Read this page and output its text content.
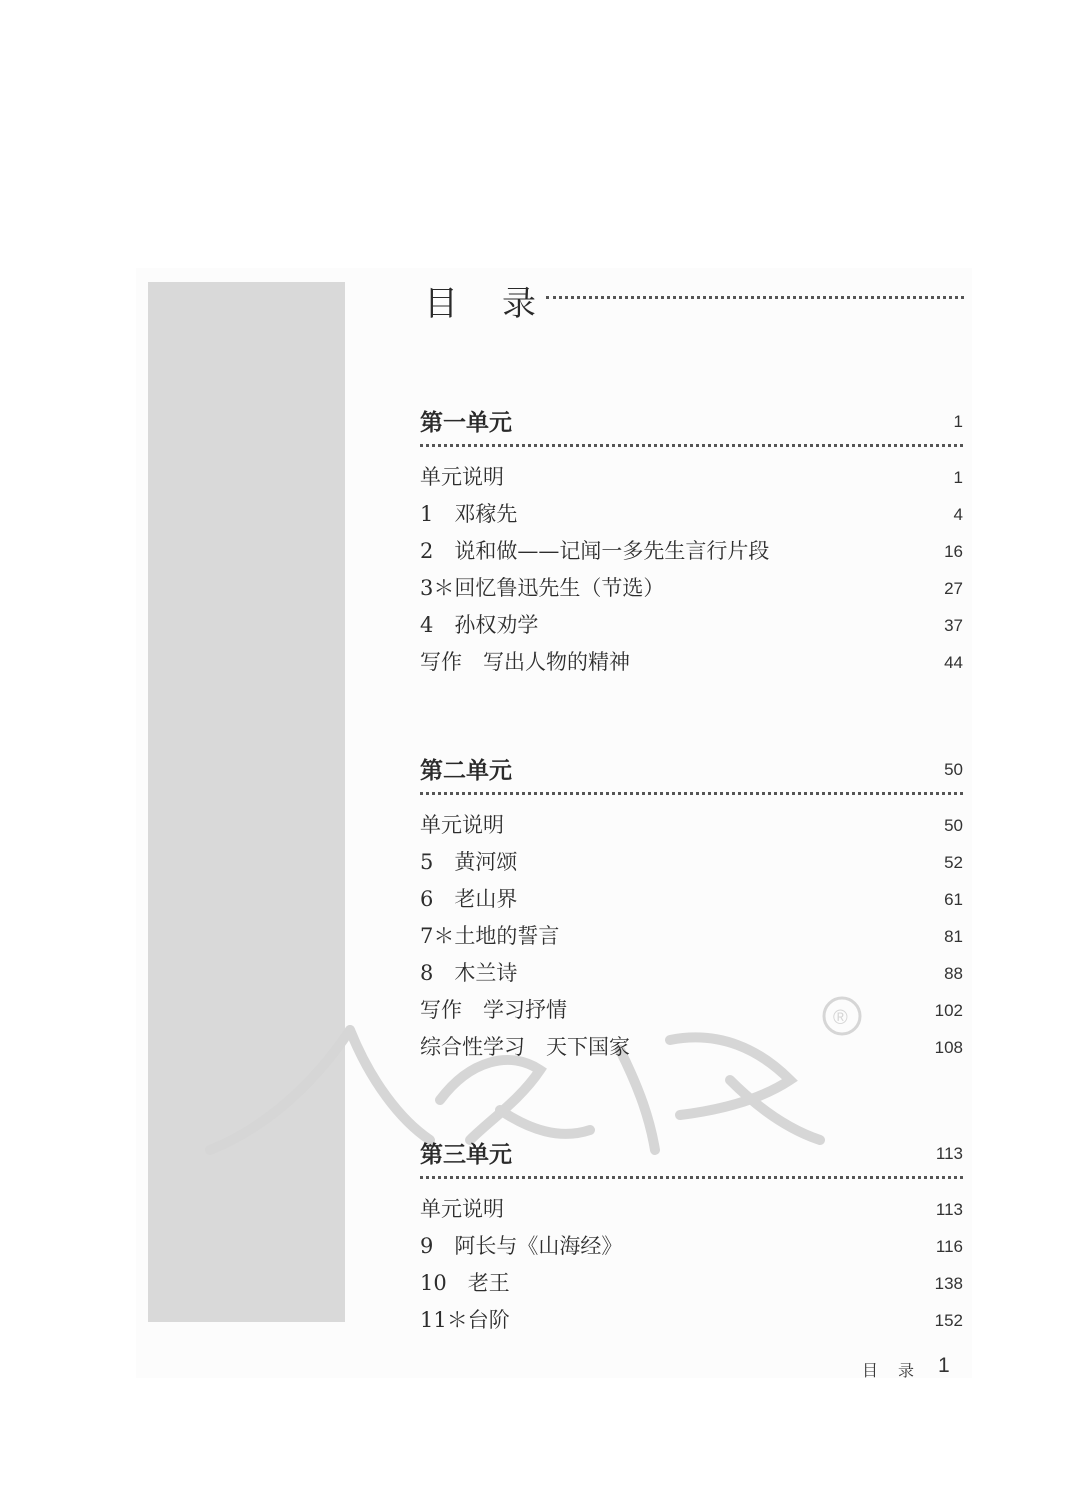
®
目录
第一单元	1
单元说明	1
1　邓稼先	4
2　说和做——记闻一多先生言行片段	16
3＊回忆鲁迅先生（节选）	27
4　孙权劝学	37
写作　写出人物的精神	44
第二单元	50
单元说明	50
5　黄河颂	52
6　老山界	61
7＊土地的誓言	81
8　木兰诗	88
写作　学习抒情	102
综合性学习　天下国家	108
第三单元	113
单元说明	113
9　阿长与《山海经》	116
10　老王	138
11＊台阶	152
目录 1
